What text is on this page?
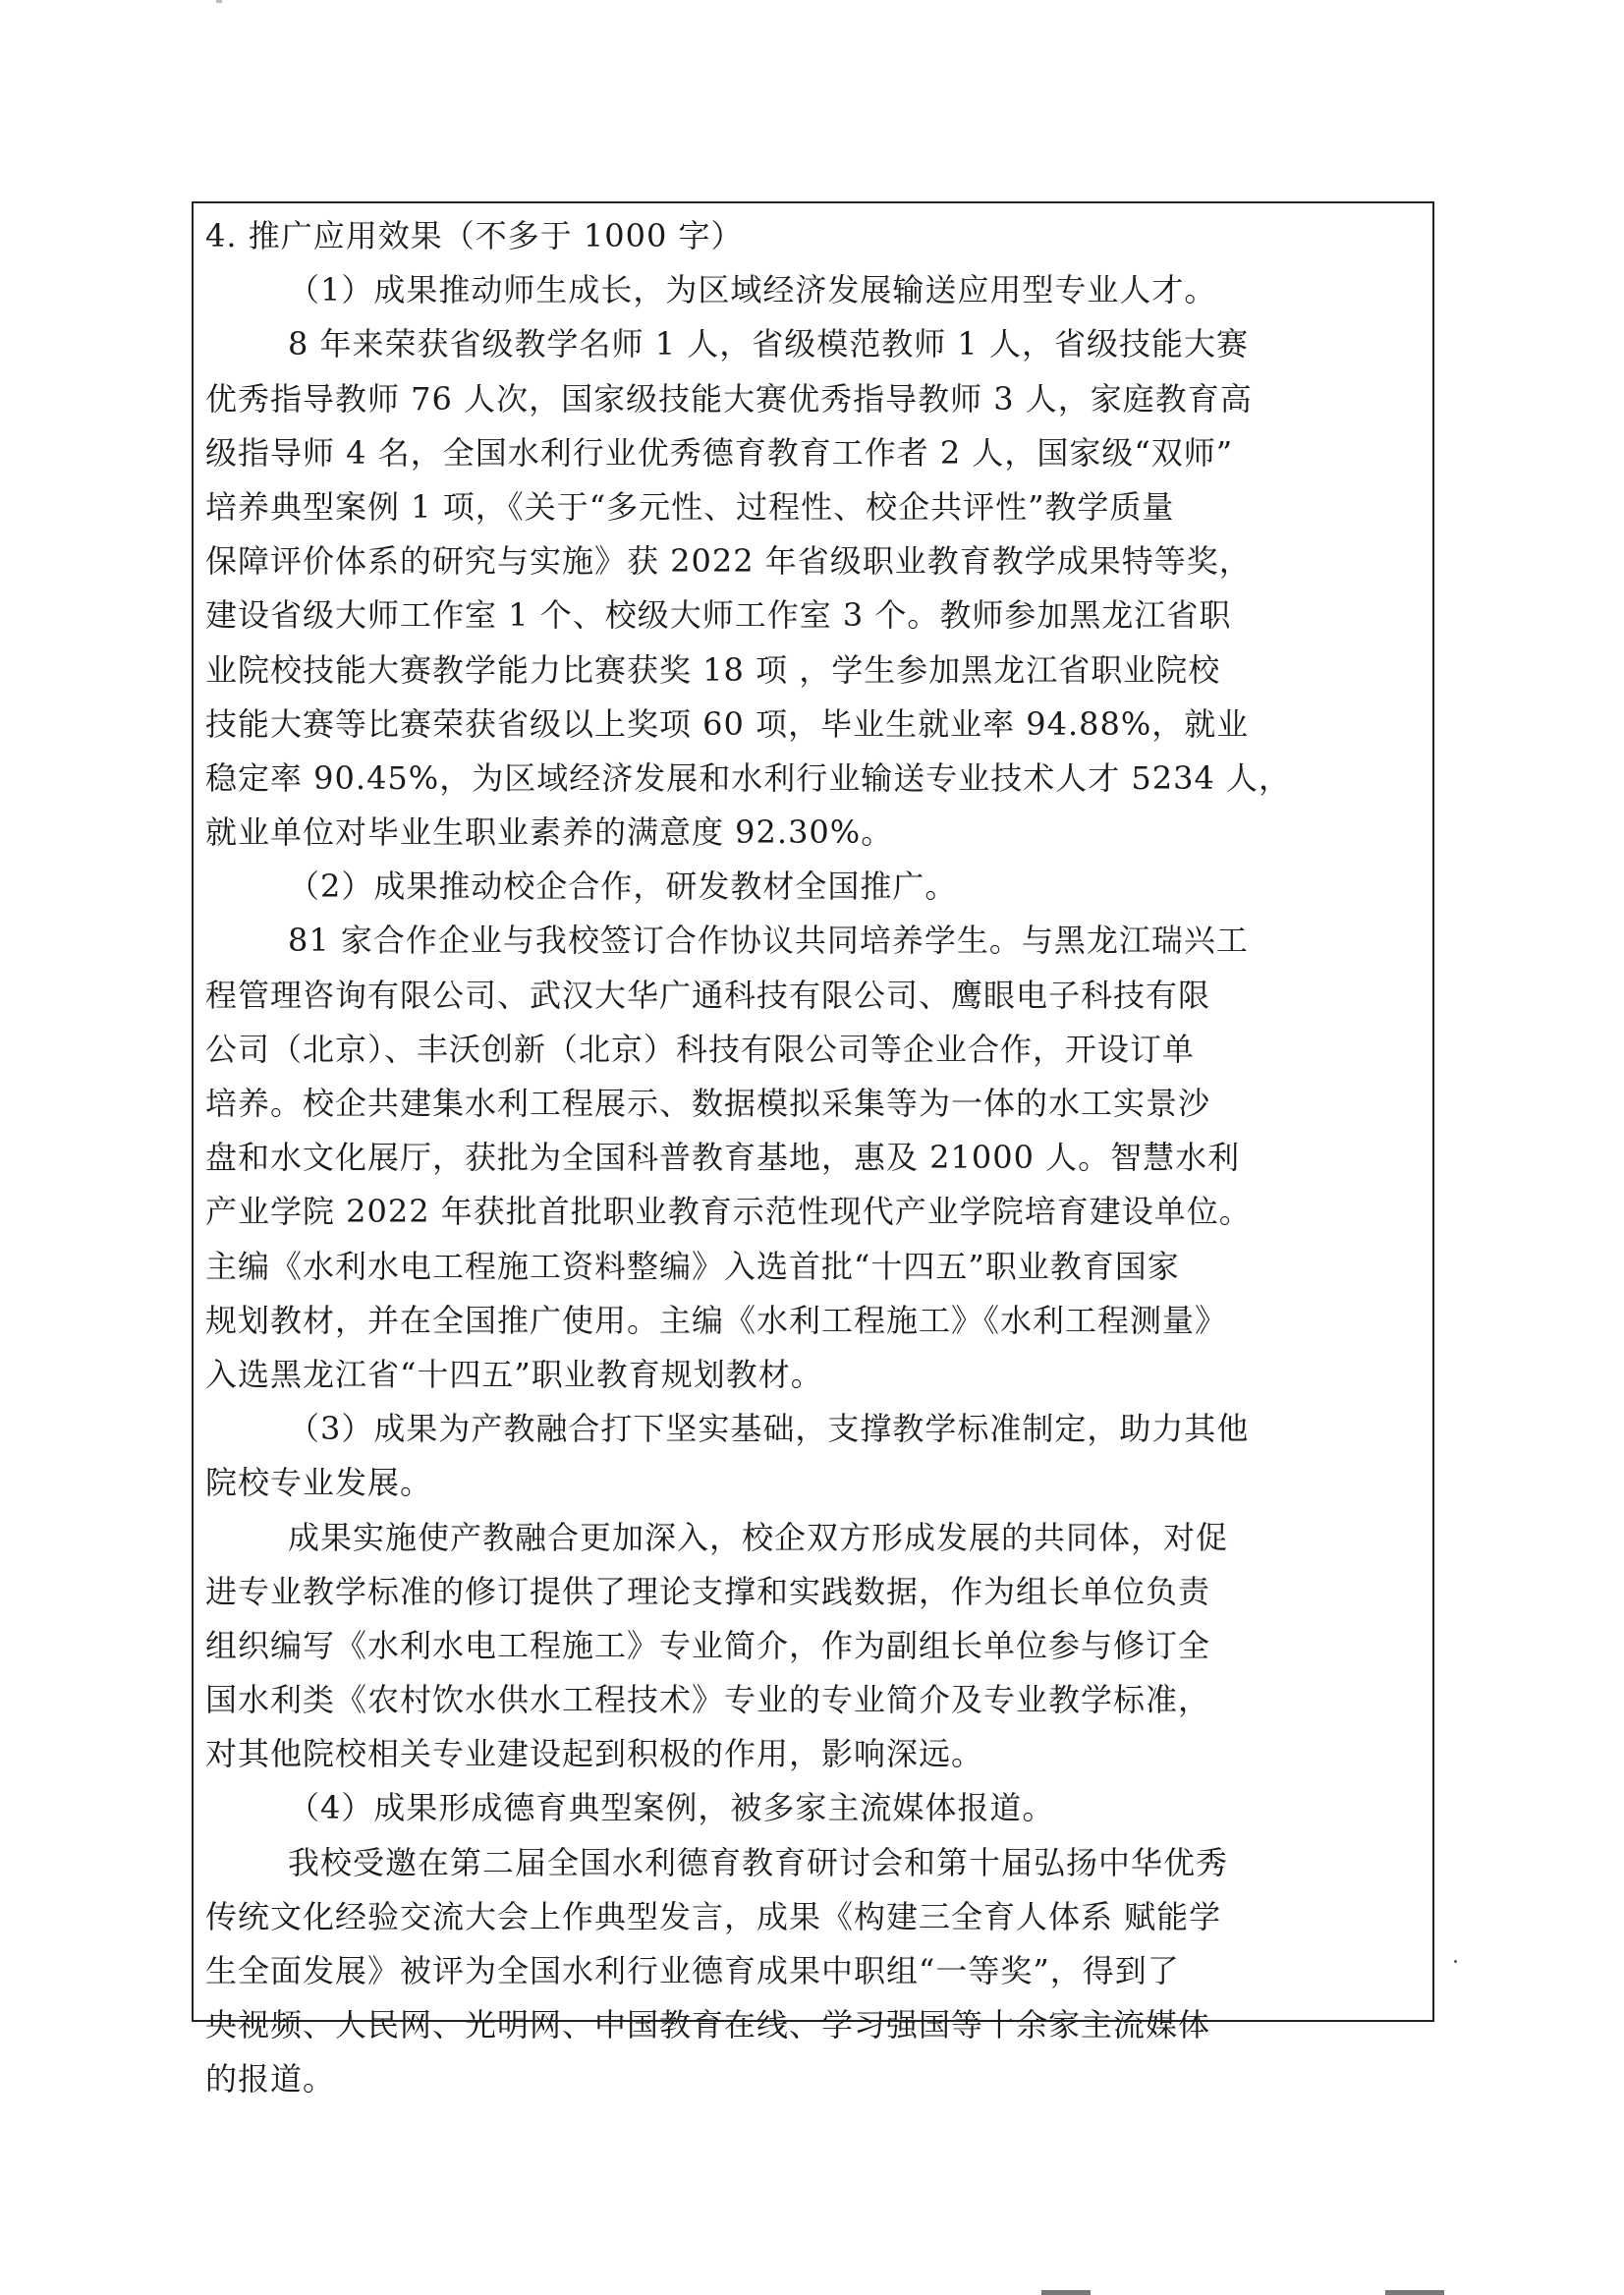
4. 推广应用效果（不多于 1000 字）
（1）成果推动师生成长，为区域经济发展输送应用型专业人才。
8 年来荣获省级教学名师 1 人，省级模范教师 1 人，省级技能大赛
优秀指导教师 76 人次，国家级技能大赛优秀指导教师 3 人，家庭教育高
级指导师 4 名，全国水利行业优秀德育教育工作者 2 人，国家级“双师”
培养典型案例 1 项，《关于“多元性、过程性、校企共评性”教学质量
保障评价体系的研究与实施》获 2022 年省级职业教育教学成果特等奖，
建设省级大师工作室 1 个、校级大师工作室 3 个。教师参加黑龙江省职
业院校技能大赛教学能力比赛获奖 18 项 ，学生参加黑龙江省职业院校
技能大赛等比赛荣获省级以上奖项 60 项，毕业生就业率 94.88%，就业
稳定率 90.45%，为区域经济发展和水利行业输送专业技术人才 5234 人，
就业单位对毕业生职业素养的满意度 92.30%。
（2）成果推动校企合作，研发教材全国推广。
81 家合作企业与我校签订合作协议共同培养学生。与黑龙江瑞兴工
程管理咨询有限公司、武汉大华广通科技有限公司、鹰眼电子科技有限
公司（北京）、丰沃创新（北京）科技有限公司等企业合作，开设订单
培养。校企共建集水利工程展示、数据模拟采集等为一体的水工实景沙
盘和水文化展厅，获批为全国科普教育基地，惠及 21000 人。智慧水利
产业学院 2022 年获批首批职业教育示范性现代产业学院培育建设单位。
主编《水利水电工程施工资料整编》入选首批“十四五”职业教育国家
规划教材，并在全国推广使用。主编《水利工程施工》《水利工程测量》
入选黑龙江省“十四五”职业教育规划教材。
（3）成果为产教融合打下坚实基础，支撑教学标准制定，助力其他
院校专业发展。
成果实施使产教融合更加深入，校企双方形成发展的共同体，对促
进专业教学标准的修订提供了理论支撑和实践数据，作为组长单位负责
组织编写《水利水电工程施工》专业简介，作为副组长单位参与修订全
国水利类《农村饮水供水工程技术》专业的专业简介及专业教学标准，
对其他院校相关专业建设起到积极的作用，影响深远。
（4）成果形成德育典型案例，被多家主流媒体报道。
我校受邀在第二届全国水利德育教育研讨会和第十届弘扬中华优秀
传统文化经验交流大会上作典型发言，成果《构建三全育人体系 赋能学
生全面发展》被评为全国水利行业德育成果中职组“一等奖”，得到了
央视频、人民网、光明网、中国教育在线、学习强国等十余家主流媒体
的报道。
